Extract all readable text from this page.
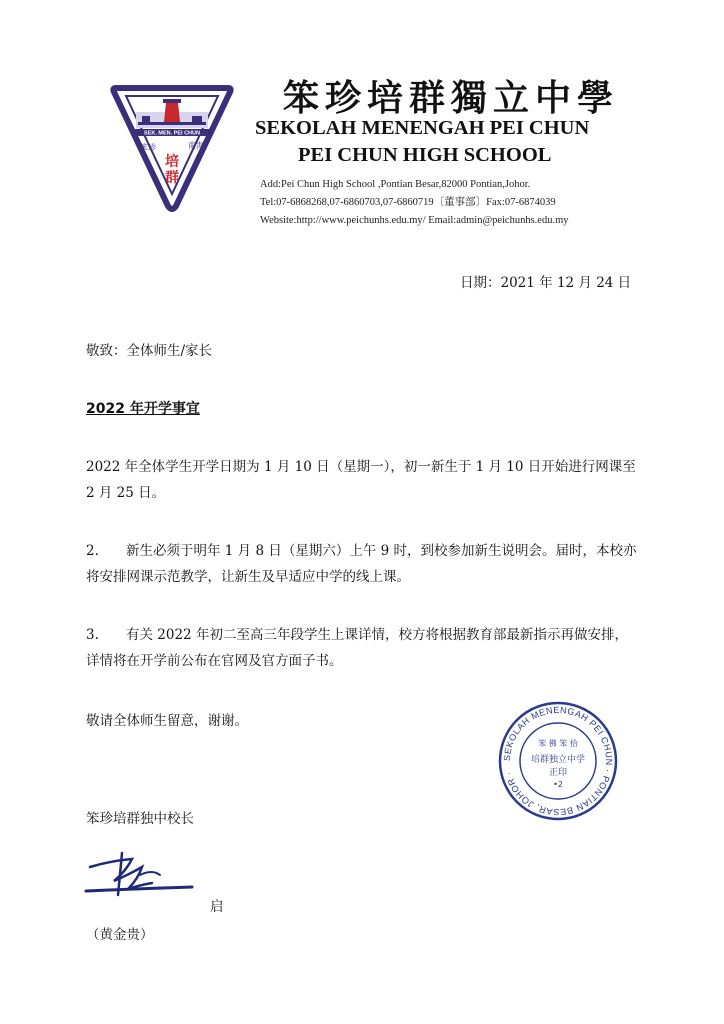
SEK. MEN. PEI CHUN
笨珍	南海
培
群
笨珍培群獨立中學
SEKOLAH MENENGAH PEI CHUN
PEI CHUN HIGH SCHOOL
Add:Pei Chun High School ,Pontian Besar,82000 Pontian,Johor.
Tel:07-6868268,07-6860703,07-6860719〔董事部〕Fax:07-6874039
Website:http://www.peichunhs.edu.my/ Email:admin@peichunhs.edu.my
日期：2021 年 12 月 24 日
敬致：全体师生/家长
2022 年开学事宜
2022 年全体学生开学日期为 1 月 10 日（星期一），初一新生于 1 月 10 日开始进行网课至 2 月 25 日。
2. 新生必须于明年 1 月 8 日（星期六）上午 9 时，到校参加新生说明会。届时，本校亦将安排网课示范教学，让新生及早适应中学的线上课。
3. 有关 2022 年初二至高三年段学生上课详情，校方将根据教育部最新指示再做安排，详情将在开学前公布在官网及官方面子书。
敬请全体师生留意，谢谢。
SEKOLAH MENENGAH PEI CHUN · PONTIAN BESAR, JOHOR ·
笨 佛 笨 拾
培群独立中学
正印
•2
笨珍培群独中校长
启
（黄金贵）
